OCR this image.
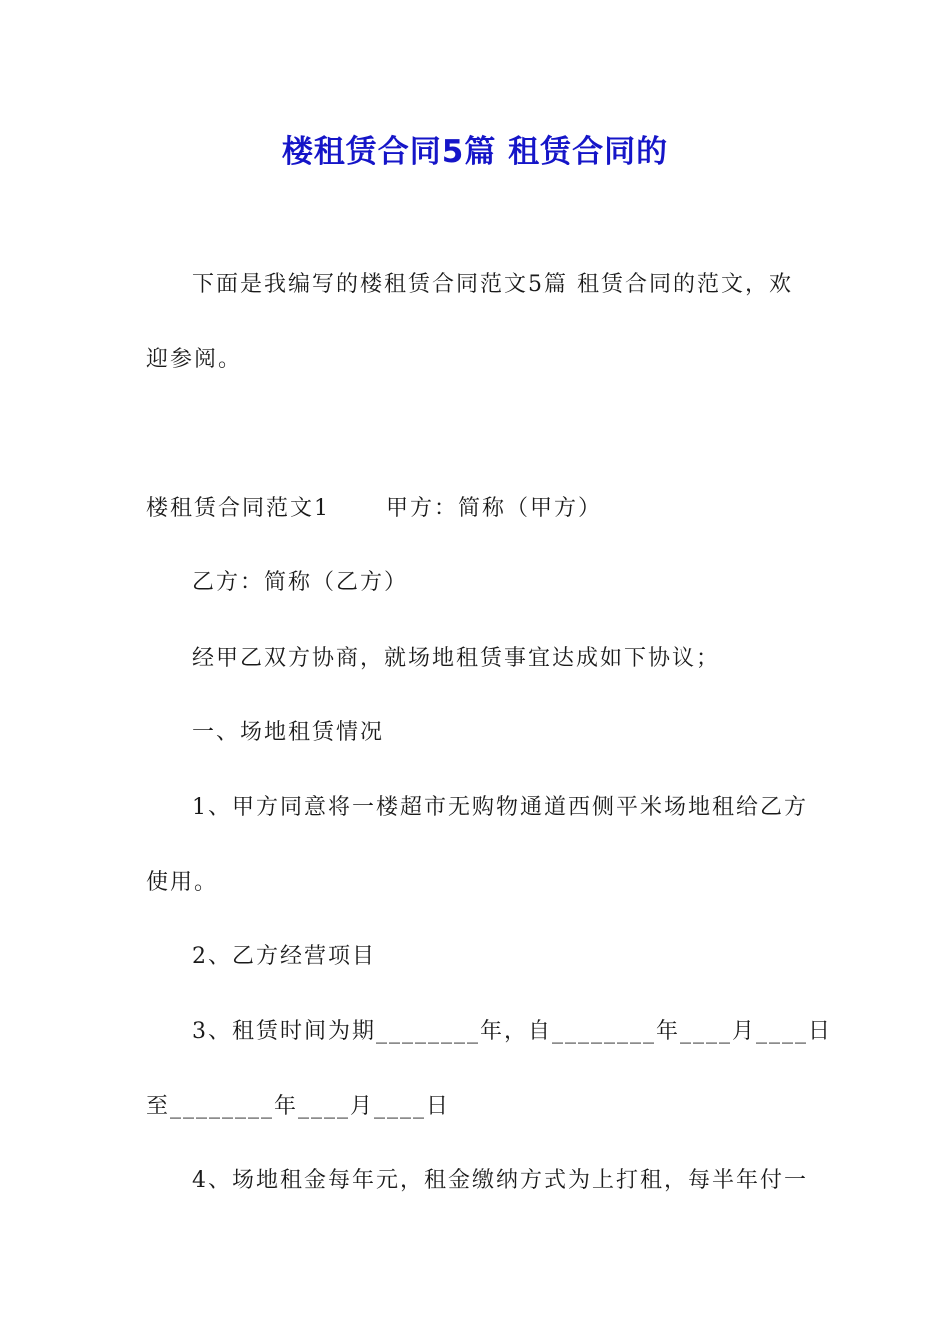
楼租赁合同5篇 租赁合同的
下面是我编写的楼租赁合同范文5篇 租赁合同的范文，欢
迎参阅。
楼租赁合同范文1	甲方：简称（甲方）
乙方：简称（乙方）
经甲乙双方协商，就场地租赁事宜达成如下协议；
一、场地租赁情况
1、甲方同意将一楼超市无购物通道西侧平米场地租给乙方
使用。
2、乙方经营项目
3、租赁时间为期________年，自________年____月____日
至________年____月____日
4、场地租金每年元，租金缴纳方式为上打租，每半年付一
